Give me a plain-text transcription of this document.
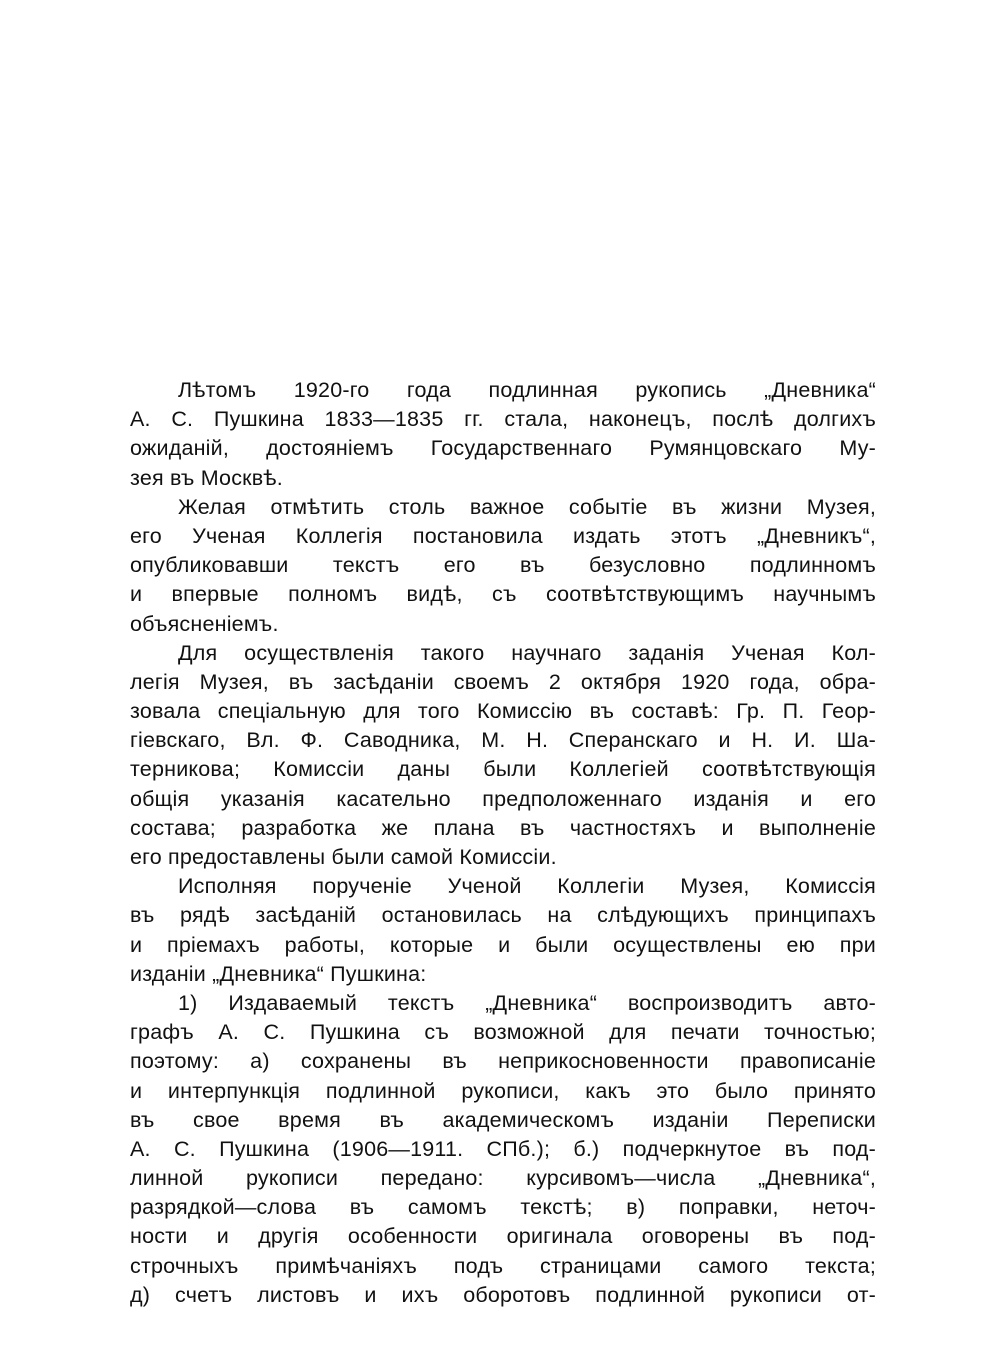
Лѣтомъ 1920-го года подлинная рукопись „Дневника“
А. С. Пушкина 1833—1835 гг. стала, наконецъ, послѣ долгихъ
ожиданій, достояніемъ Государственнаго Румянцовскаго Му-
зея въ Москвѣ.
Желая отмѣтить столь важное событіе въ жизни Музея,
его Ученая Коллегія постановила издать этотъ „Дневникъ“,
опубликовавши текстъ его въ безусловно подлинномъ
и впервые полномъ видѣ, съ соотвѣтствующимъ научнымъ
объясненіемъ.
Для осуществленія такого научнаго заданія Ученая Кол-
легія Музея, въ засѣданіи своемъ 2 октября 1920 года, обра-
зовала спеціальную для того Комиссію въ составѣ: Гр. П. Геор-
гіевскаго, Вл. Ф. Саводника, М. Н. Сперанскаго и Н. И. Ша-
терникова; Комиссіи даны были Коллегіей соотвѣтствующія
общія указанія касательно предположеннаго изданія и его
состава; разработка же плана въ частностяхъ и выполненіе
его предоставлены были самой Комиссіи.
Исполняя порученіе Ученой Коллегіи Музея, Комиссія
въ рядѣ засѣданій остановилась на слѣдующихъ принципахъ
и пріемахъ работы, которые и были осуществлены ею при
изданіи „Дневника“ Пушкина:
1) Издаваемый текстъ „Дневника“ воспроизводитъ авто-
графъ А. С. Пушкина съ возможной для печати точностью;
поэтому: а) сохранены въ неприкосновенности правописаніе
и интерпункція подлинной рукописи, какъ это было принято
въ свое время въ академическомъ изданіи Переписки
А. С. Пушкина (1906—1911. СПб.); б.) подчеркнутое въ под-
линной рукописи передано: курсивомъ—числа „Дневника“,
разрядкой—слова въ самомъ текстѣ; в) поправки, неточ-
ности и другія особенности оригинала оговорены въ под-
строчныхъ примѣчаніяхъ подъ страницами самого текста;
д) счетъ листовъ и ихъ оборотовъ подлинной рукописи от-
